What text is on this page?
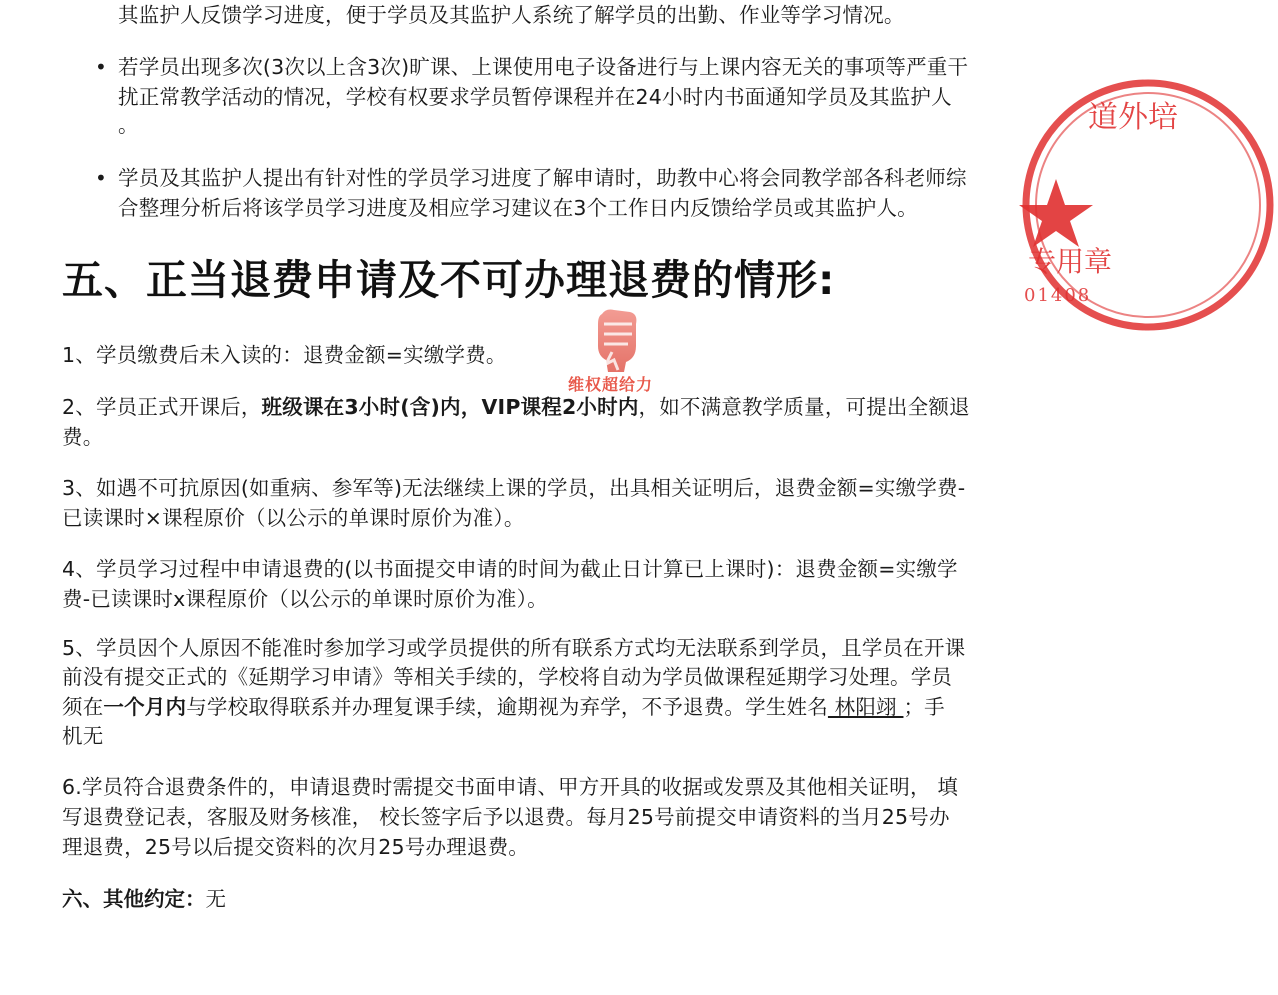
其监护人反馈学习进度，便于学员及其监护人系统了解学员的出勤、作业等学习情况。
• 若学员出现多次(3次以上含3次)旷课、上课使用电子设备进行与上课内容无关的事项等严重干
扰正常教学活动的情况，学校有权要求学员暂停课程并在24小时内书面通知学员及其监护人
。
• 学员及其监护人提出有针对性的学员学习进度了解申请时，助教中心将会同教学部各科老师综
合整理分析后将该学员学习进度及相应学习建议在3个工作日内反馈给学员或其监护人。
五、正当退费申请及不可办理退费的情形:
1、学员缴费后未入读的：退费金额=实缴学费。
2、学员正式开课后，班级课在3小时(含)内，VIP课程2小时内，如不满意教学质量，可提出全额退
费。
3、如遇不可抗原因(如重病、参军等)无法继续上课的学员，出具相关证明后，退费金额=实缴学费-
已读课时×课程原价（以公示的单课时原价为准）。
4、学员学习过程中申请退费的(以书面提交申请的时间为截止日计算已上课时)：退费金额=实缴学
费-已读课时x课程原价（以公示的单课时原价为准）。
5、学员因个人原因不能准时参加学习或学员提供的所有联系方式均无法联系到学员，且学员在开课
前没有提交正式的《延期学习申请》等相关手续的，学校将自动为学员做课程延期学习处理。学员
须在一个月内与学校取得联系并办理复课手续，逾期视为弃学，不予退费。学生姓名 林阳翊 ；手
机无
6.学员符合退费条件的，申请退费时需提交书面申请、甲方开具的收据或发票及其他相关证明， 填
写退费登记表，客服及财务核准， 校长签字后予以退费。每月25号前提交申请资料的当月25号办
理退费，25号以后提交资料的次月25号办理退费。
六、其他约定：无
维权超给力
道外培
专用章
01408
